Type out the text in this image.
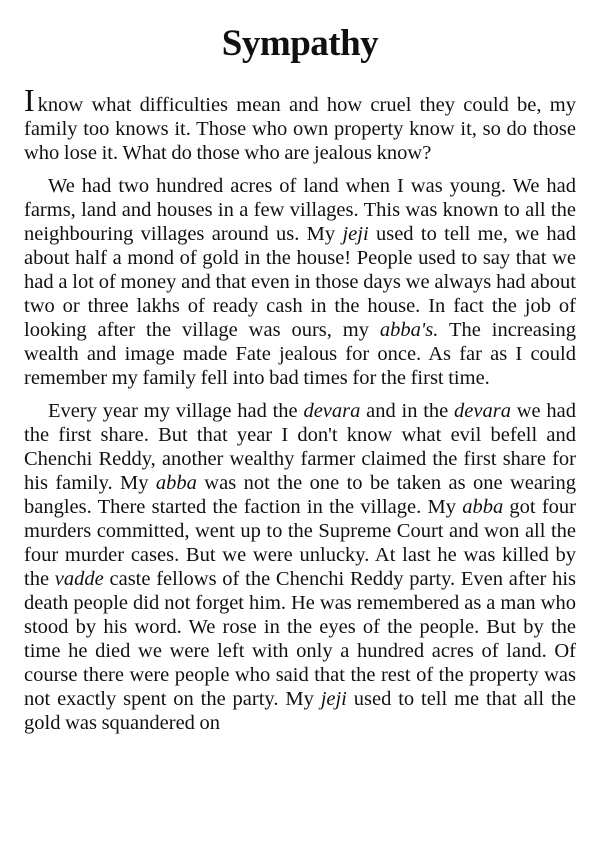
Sympathy

Iknow what difficulties mean and how cruel they could be, my family too knows it. Those who own property know it, so do those who lose it. What do those who are jealous know?

We had two hundred acres of land when I was young. We had farms, land and houses in a few villages. This was known to all the neighbouring villages around us. My jeji used to tell me, we had about half a mond of gold in the house! People used to say that we had a lot of money and that even in those days we always had about two or three lakhs of ready cash in the house. In fact the job of looking after the village was ours, my abba's. The increasing wealth and image made Fate jealous for once. As far as I could remember my family fell into bad times for the first time.

Every year my village had the devara and in the devara we had the first share. But that year I don't know what evil befell and Chenchi Reddy, another wealthy farmer claimed the first share for his family. My abba was not the one to be taken as one wearing bangles. There started the faction in the village. My abba got four murders committed, went up to the Supreme Court and won all the four murder cases. But we were unlucky. At last he was killed by the vadde caste fellows of the Chenchi Reddy party. Even after his death people did not forget him. He was remembered as a man who stood by his word. We rose in the eyes of the people. But by the time he died we were left with only a hundred acres of land. Of course there were people who said that the rest of the property was not exactly spent on the party. My jeji used to tell me that all the gold was squandered on
